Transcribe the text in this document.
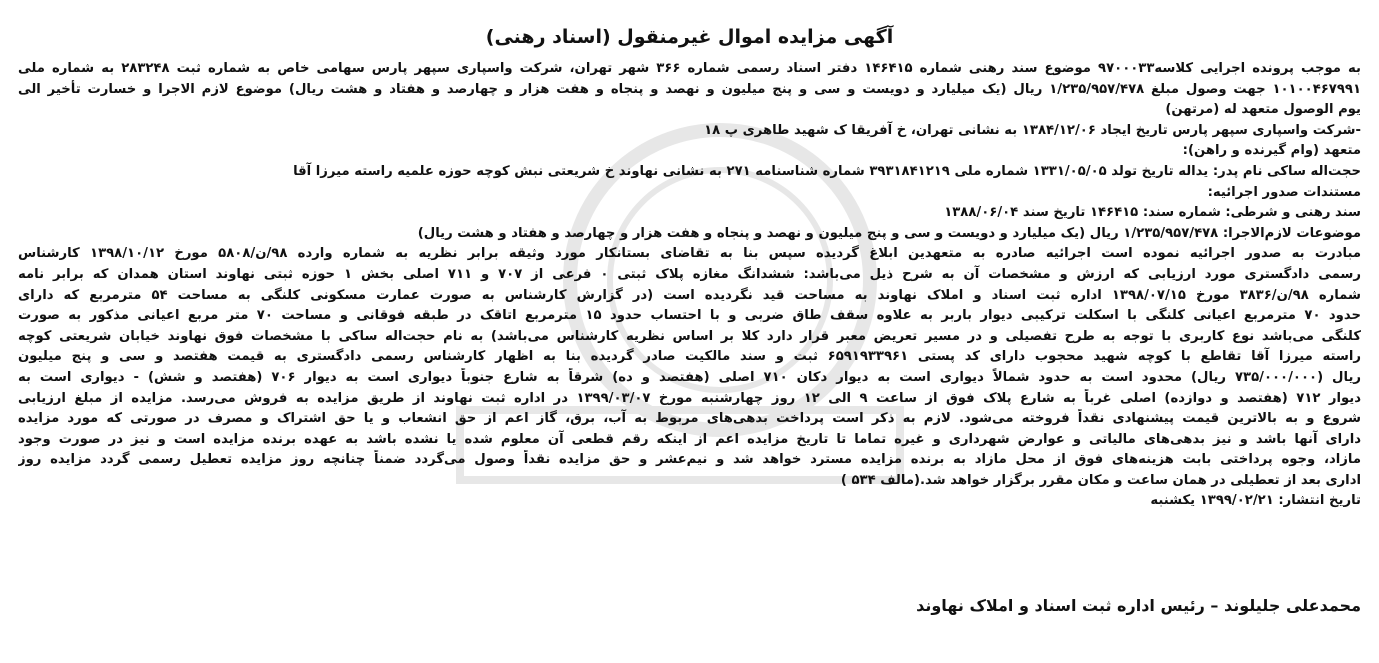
آگهی مزایده اموال غیرمنقول (اسناد رهنی)
به موجب پرونده اجرایی کلاسه۹۷۰۰۰۳۳ موضوع سند رهنی شماره ۱۴۶۴۱۵ دفتر اسناد رسمی شماره ۳۶۶ شهر تهران، شرکت واسپاری سپهر پارس سهامی خاص به شماره ثبت ۲۸۳۲۴۸ به شماره ملی
۱۰۱۰۰۴۶۷۹۹۱ جهت وصول مبلغ ۱/۲۳۵/۹۵۷/۴۷۸ ریال (یک میلیارد و دویست و سی و پنج میلیون و نهصد و پنجاه و هفت هزار و چهارصد و هفتاد و هشت ریال) موضوع لازم الاجرا و خسارت تأخیر الی
یوم الوصول متعهد له (مرتهن)
-شرکت واسپاری سپهر پارس تاریخ ایجاد ۱۳۸۴/۱۲/۰۶ به نشانی تهران، خ آفریقا ک شهید طاهری پ ۱۸
متعهد (وام گیرنده و راهن):
حجت‌اله ساکی نام پدر: یداله تاریخ تولد ۱۳۳۱/۰۵/۰۵ شماره ملی ۳۹۳۱۸۴۱۲۱۹ شماره شناسنامه ۲۷۱ به نشانی نهاوند خ شریعتی نبش کوچه حوزه علمیه راسته میرزا آقا
مستندات صدور اجرائیه:
سند رهنی و شرطی: شماره سند: ۱۴۶۴۱۵ تاریخ سند ۱۳۸۸/۰۶/۰۴
موضوعات لازم‌الاجرا: ۱/۲۳۵/۹۵۷/۴۷۸ ریال (یک میلیارد و دویست و سی و پنج میلیون و نهصد و پنجاه و هفت هزار و چهارصد و هفتاد و هشت ریال)
مبادرت به صدور اجرائیه نموده است اجرائیه صادره به متعهدین ابلاغ گردیده سپس بنا به تقاضای بستانکار مورد وثیقه برابر نظریه به شماره وارده ۹۸/ن/۵۸۰۸ مورخ ۱۳۹۸/۱۰/۱۲ کارشناس
رسمی دادگستری مورد ارزیابی که ارزش و مشخصات آن به شرح ذیل می‌باشد: ششدانگ مغازه پلاک ثبتی ۰ فرعی از ۷۰۷ و ۷۱۱ اصلی بخش ۱ حوزه ثبتی نهاوند استان همدان که برابر نامه
شماره ۹۸/ن/۳۸۳۶ مورخ ۱۳۹۸/۰۷/۱۵ اداره ثبت اسناد و املاک نهاوند به مساحت قید نگردیده است (در گزارش کارشناس به صورت عمارت مسکونی کلنگی به مساحت ۵۴ مترمربع که دارای
حدود ۷۰ مترمربع اعیانی کلنگی با اسکلت ترکیبی دیوار باربر به علاوه سقف طاق ضربی و با احتساب حدود ۱۵ مترمربع اتاقک در طبقه فوقانی و مساحت ۷۰ متر مربع اعیانی مذکور به صورت
کلنگی می‌باشد نوع کاربری با توجه به طرح تفصیلی و در مسیر تعریض معبر قرار دارد کلا بر اساس نظریه کارشناس می‌باشد) به نام حجت‌اله ساکی با مشخصات فوق نهاوند خیابان شریعتی کوچه
راسته میرزا آقا تقاطع با کوچه شهید محجوب دارای کد پستی ۶۵۹۱۹۳۳۹۶۱ ثبت و سند مالکیت صادر گردیده بنا به اظهار کارشناس رسمی دادگستری به قیمت هفتصد و سی و پنج میلیون
ریال (۷۳۵/۰۰۰/۰۰۰ ریال) محدود است به حدود شمالاً دیواری است به دیوار دکان ۷۱۰ اصلی (هفتصد و ده) شرقاً به شارع جنوباً دیواری است به دیوار ۷۰۶ (هفتصد و شش) - دیواری است به
دیوار ۷۱۲ (هفتصد و دوازده) اصلی غرباً به شارع پلاک فوق از ساعت ۹ الی ۱۲ روز چهارشنبه مورخ ۱۳۹۹/۰۳/۰۷ در اداره ثبت نهاوند از طریق مزایده به فروش می‌رسد. مزایده از مبلغ ارزیابی
شروع و به بالاترین قیمت پیشنهادی نقداً فروخته می‌شود. لازم به ذکر است پرداخت بدهی‌های مربوط به آب، برق، گاز اعم از حق انشعاب و یا حق اشتراک و مصرف در صورتی که مورد مزایده
دارای آنها باشد و نیز بدهی‌های مالیاتی و عوارض شهرداری و غیره تماما تا تاریخ مزایده اعم از اینکه رقم قطعی آن معلوم شده یا نشده باشد به عهده برنده مزایده است و نیز در صورت وجود
مازاد، وجوه پرداختی بابت هزینه‌های فوق از محل مازاد به برنده مزایده مسترد خواهد شد و نیم‌عشر و حق مزایده نقداً وصول می‌گردد ضمناً چنانچه روز مزایده تعطیل رسمی گردد مزایده روز
اداری بعد از تعطیلی در همان ساعت و مکان مقرر برگزار خواهد شد.(مالف ۵۳۴ )
تاریخ انتشار: ۱۳۹۹/۰۲/۲۱ یکشنبه
محمدعلی جلیلوند – رئیس اداره ثبت اسناد و املاک نهاوند
